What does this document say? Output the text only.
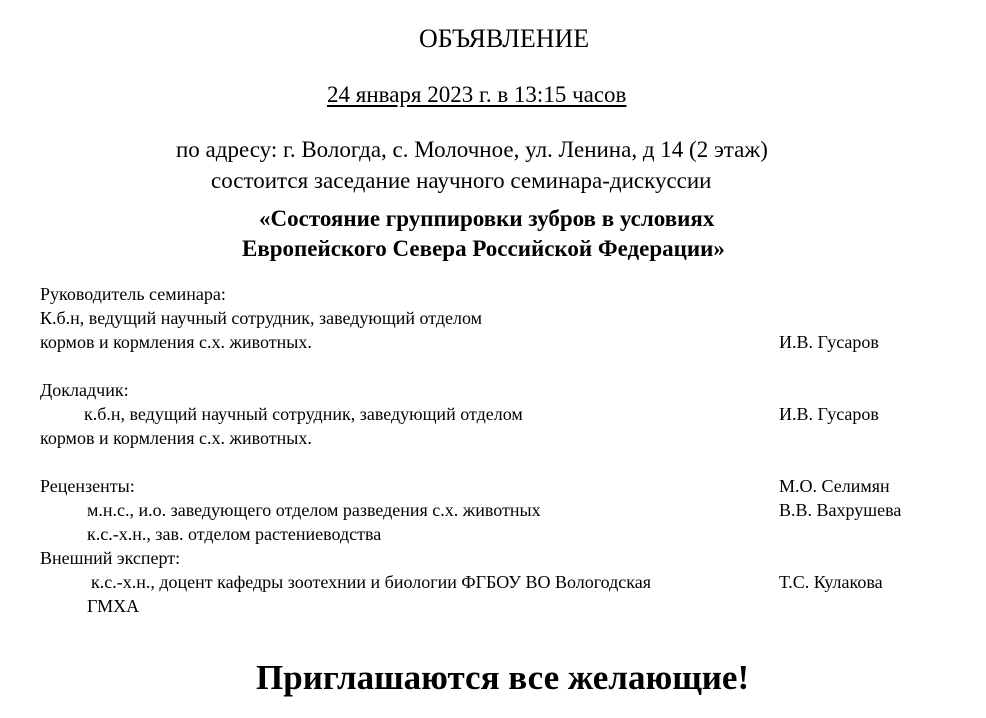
ОБЪЯВЛЕНИЕ
24 января 2023 г. в 13:15 часов
по адресу: г. Вологда, с. Молочное, ул. Ленина, д 14 (2 этаж)
состоится заседание научного семинара-дискуссии
«Состояние группировки зубров в условиях
Европейского Севера Российской Федерации»
Руководитель семинара:
К.б.н, ведущий научный сотрудник, заведующий отделом
кормов и кормления с.х. животных.	И.В. Гусаров
Докладчик:
к.б.н, ведущий научный сотрудник, заведующий отделом	И.В. Гусаров
кормов и кормления с.х. животных.
Рецензенты:	М.О. Селимян
м.н.с., и.о. заведующего отделом разведения с.х. животных	В.В. Вахрушева
к.с.-х.н., зав. отделом растениеводства
Внешний эксперт:
к.с.-х.н., доцент кафедры зоотехнии и биологии ФГБОУ ВО Вологодская	Т.С. Кулакова
ГМХА
Приглашаются все желающие!
